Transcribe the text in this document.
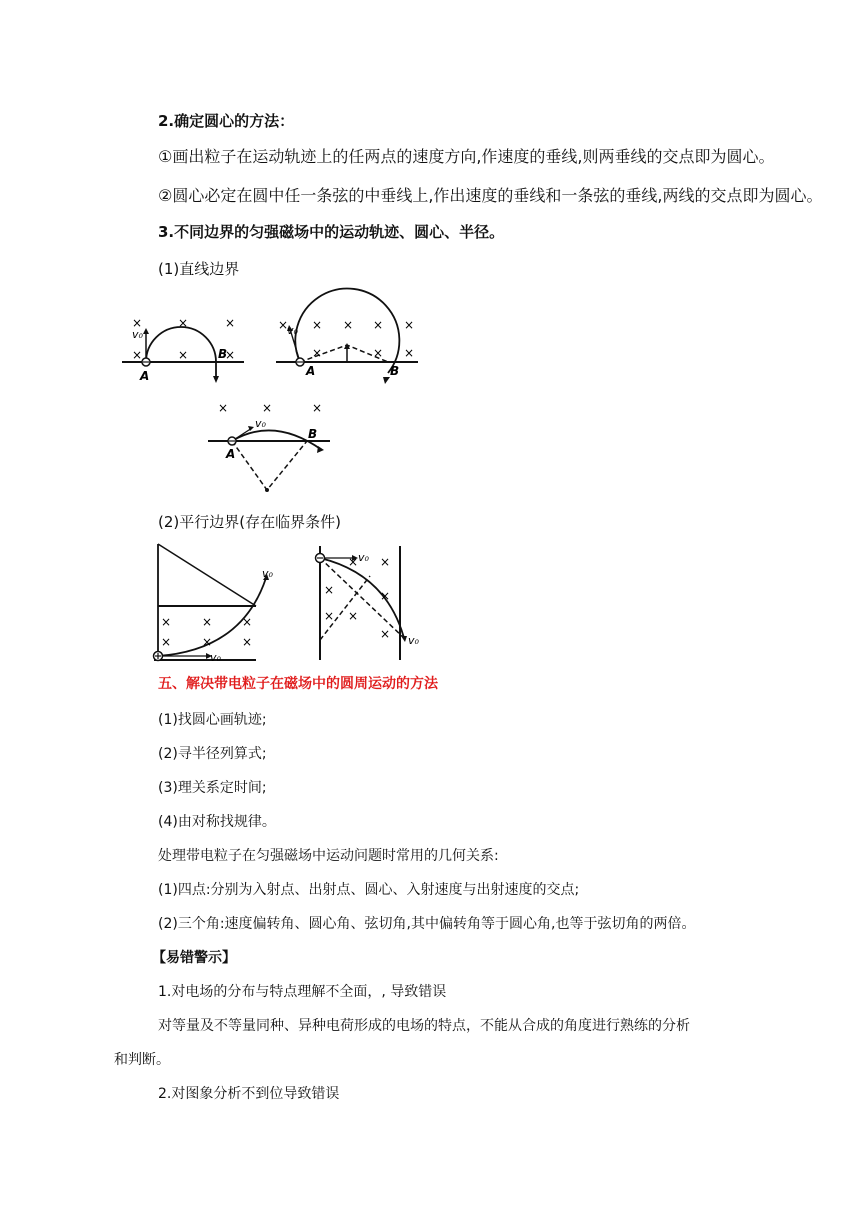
2.确定圆心的方法：
①画出粒子在运动轨迹上的任两点的速度方向,作速度的垂线,则两垂线的交点即为圆心。
②圆心必定在圆中任一条弦的中垂线上,作出速度的垂线和一条弦的垂线,两线的交点即为圆心。
3.不同边界的匀强磁场中的运动轨迹、圆心、半径。
(1)直线边界
v₀
A
B
×	×	×
×	×	×
v₀
A	B
× × × × ×
×	× ×
v₀
A
B
×	×	×
(2)平行边界(存在临界条件)
v₀
v₀
×	× ×
×	× ×
v₀
v₀
× ×
×
×
× ×
×
五、解决带电粒子在磁场中的圆周运动的方法
(1)找圆心画轨迹;
(2)寻半径列算式;
(3)理关系定时间;
(4)由对称找规律。
处理带电粒子在匀强磁场中运动问题时常用的几何关系:
(1)四点:分别为入射点、出射点、圆心、入射速度与出射速度的交点;
(2)三个角:速度偏转角、圆心角、弦切角,其中偏转角等于圆心角,也等于弦切角的两倍。
【易错警示】
1.对电场的分布与特点理解不全面，, 导致错误
对等量及不等量同种、异种电荷形成的电场的特点，不能从合成的角度进行熟练的分析
和判断。
2.对图象分析不到位导致错误
